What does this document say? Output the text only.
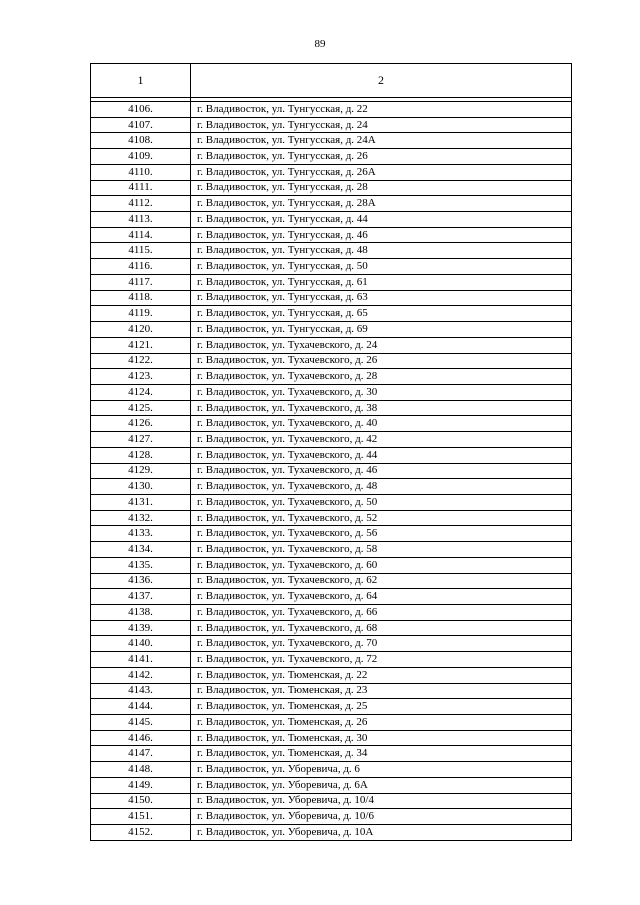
89
1	2

4106.	г. Владивосток, ул. Тунгусская, д. 22
4107.	г. Владивосток, ул. Тунгусская, д. 24
4108.	г. Владивосток, ул. Тунгусская, д. 24А
4109.	г. Владивосток, ул. Тунгусская, д. 26
4110.	г. Владивосток, ул. Тунгусская, д. 26А
4111.	г. Владивосток, ул. Тунгусская, д. 28
4112.	г. Владивосток, ул. Тунгусская, д. 28А
4113.	г. Владивосток, ул. Тунгусская, д. 44
4114.	г. Владивосток, ул. Тунгусская, д. 46
4115.	г. Владивосток, ул. Тунгусская, д. 48
4116.	г. Владивосток, ул. Тунгусская, д. 50
4117.	г. Владивосток, ул. Тунгусская, д. 61
4118.	г. Владивосток, ул. Тунгусская, д. 63
4119.	г. Владивосток, ул. Тунгусская, д. 65
4120.	г. Владивосток, ул. Тунгусская, д. 69
4121.	г. Владивосток, ул. Тухачевского, д. 24
4122.	г. Владивосток, ул. Тухачевского, д. 26
4123.	г. Владивосток, ул. Тухачевского, д. 28
4124.	г. Владивосток, ул. Тухачевского, д. 30
4125.	г. Владивосток, ул. Тухачевского, д. 38
4126.	г. Владивосток, ул. Тухачевского, д. 40
4127.	г. Владивосток, ул. Тухачевского, д. 42
4128.	г. Владивосток, ул. Тухачевского, д. 44
4129.	г. Владивосток, ул. Тухачевского, д. 46
4130.	г. Владивосток, ул. Тухачевского, д. 48
4131.	г. Владивосток, ул. Тухачевского, д. 50
4132.	г. Владивосток, ул. Тухачевского, д. 52
4133.	г. Владивосток, ул. Тухачевского, д. 56
4134.	г. Владивосток, ул. Тухачевского, д. 58
4135.	г. Владивосток, ул. Тухачевского, д. 60
4136.	г. Владивосток, ул. Тухачевского, д. 62
4137.	г. Владивосток, ул. Тухачевского, д. 64
4138.	г. Владивосток, ул. Тухачевского, д. 66
4139.	г. Владивосток, ул. Тухачевского, д. 68
4140.	г. Владивосток, ул. Тухачевского, д. 70
4141.	г. Владивосток, ул. Тухачевского, д. 72
4142.	г. Владивосток, ул. Тюменская, д. 22
4143.	г. Владивосток, ул. Тюменская, д. 23
4144.	г. Владивосток, ул. Тюменская, д. 25
4145.	г. Владивосток, ул. Тюменская, д. 26
4146.	г. Владивосток, ул. Тюменская, д. 30
4147.	г. Владивосток, ул. Тюменская, д. 34
4148.	г. Владивосток, ул. Уборевича, д. 6
4149.	г. Владивосток, ул. Уборевича, д. 6А
4150.	г. Владивосток, ул. Уборевича, д. 10/4
4151.	г. Владивосток, ул. Уборевича, д. 10/6
4152.	г. Владивосток, ул. Уборевича, д. 10А
